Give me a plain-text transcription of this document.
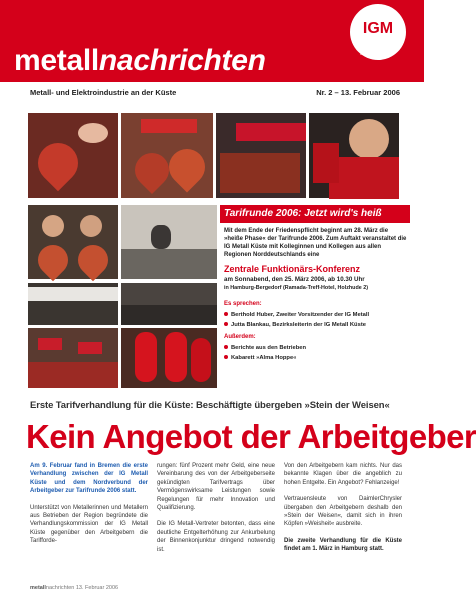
metallnachrichten
IGM
Bezirk
Küste
Metall- und Elektroindustrie an der Küste	Nr. 2 – 13. Februar 2006
Tarifrunde 2006: Jetzt wird's heiß
Mit dem Ende der Friedenspflicht beginnt am 28. März die »heiße Phase« der Tarifrunde 2006. Zum Auftakt veranstaltet die IG Metall Küste mit Kolleginnen und Kollegen aus allen Regionen Norddeutschlands eine
Zentrale Funktionärs-Konferenz
am Sonnabend, den 25. März 2006, ab 10.30 Uhr
in Hamburg-Bergedorf (Ramada-Treff-Hotel, Holzhude 2)
Es sprechen:
Berthold Huber, Zweiter Vorsitzender der IG Metall
Jutta Blankau, Bezirksleiterin der IG Metall Küste
Außerdem:
Berichte aus den Betrieben
Kabarett »Alma Hoppe«
Erste Tarifverhandlung für die Küste: Beschäftigte übergeben »Stein der Weisen«
Kein Angebot der Arbeitgeber

Am 9. Februar fand in Bremen die erste Verhandlung zwischen der IG Metall Küste und dem Nordverbund der Arbeitgeber zur Tarifrunde 2006 statt.

Unterstützt von Metallerinnen und Metallern aus Betrieben der Region begründete die Verhandlungskommission der IG Metall Küste gegenüber den Arbeitgebern die Tarifforde-

rungen: fünf Prozent mehr Geld, eine neue Vereinbarung des von der Arbeitgeberseite gekündigten Tarifvertrags über Vermögenswirksame Leistungen sowie Regelungen für mehr Innovation und Qualifizierung.

Die IG Metall-Vertreter betonten, dass eine deutliche Entgelterhöhung zur Ankurbelung der Binnenkonjunktur dringend notwendig ist.

Von den Arbeitgebern kam nichts. Nur das bekannte Klagen über die angeblich zu hohen Entgelte. Ein Angebot? Fehlanzeige!

Vertrauensleute von DaimlerChrysler übergaben den Arbeitgebern deshalb den »Stein der Weisen«, damit sich in ihren Köpfen »Weisheit« ausbreite.

Die zweite Verhandlung für die Küste findet am 1. März in Hamburg statt.

metallnachrichten 13. Februar 2006
